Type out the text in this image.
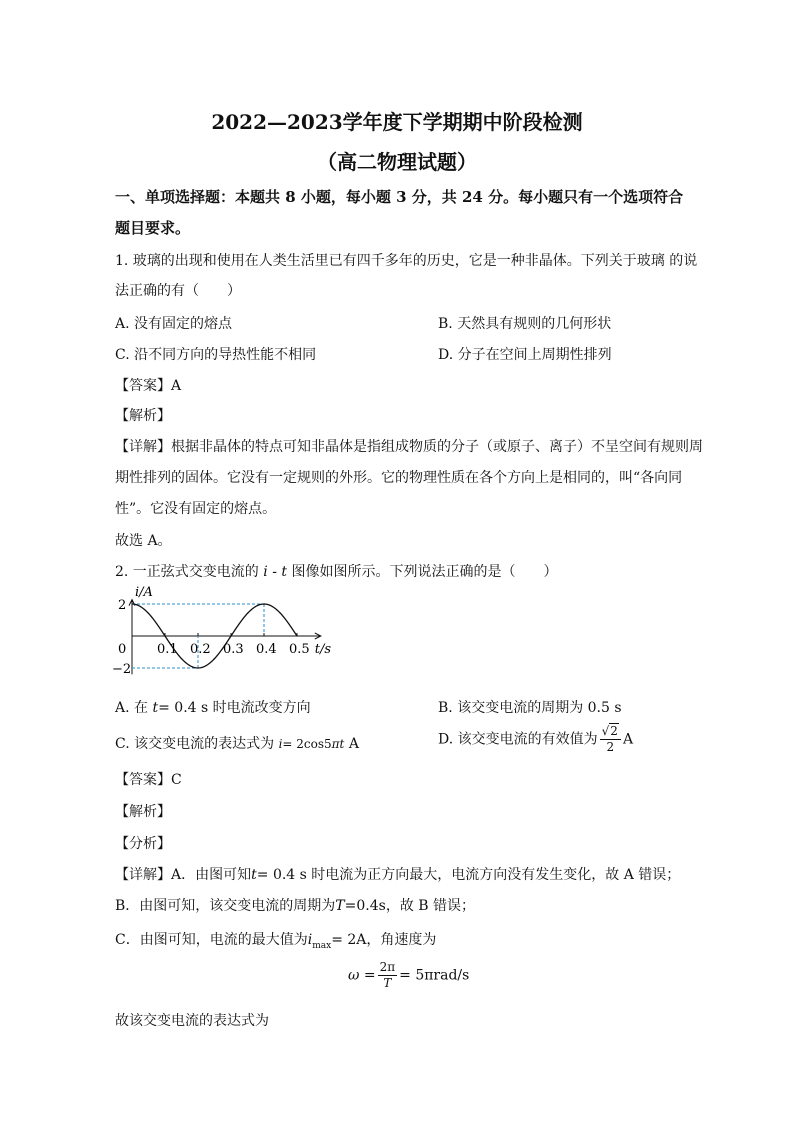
2022—2023学年度下学期期中阶段检测
（高二物理试题）
一、单项选择题：本题共 8 小题，每小题 3 分，共 24 分。每小题只有一个选项符合
题目要求。
1. 玻璃的出现和使用在人类生活里已有四千多年的历史，它是一种非晶体。下列关于玻璃 的说
法正确的有（　　）
A. 没有固定的熔点	B. 天然具有规则的几何形状
C. 沿不同方向的导热性能不相同	D. 分子在空间上周期性排列
【答案】A
【解析】
【详解】根据非晶体的特点可知非晶体是指组成物质的分子（或原子、离子）不呈空间有规则周
期性排列的固体。它没有一定规则的外形。它的物理性质在各个方向上是相同的，叫“各向同
性”。它没有固定的熔点。
故选 A。
2. 一正弦式交变电流的 i - t 图像如图所示。下列说法正确的是（　　）
i/A
t/s
0.1 0.2 0.3 0.4 0.5
2
−2
0
A. 在 t= 0.4 s 时电流改变方向	B. 该交变电流的周期为 0.5 s
C. 该交变电流的表达式为 i= 2cos5πt A	D. 该交变电流的有效值为 $\frac{√2}{2}$ A
【答案】C
【解析】
【分析】
【详解】A．由图可知t= 0.4 s 时电流为正方向最大，电流方向没有发生变化，故 A 错误；
B．由图可知，该交变电流的周期为T=0.4s，故 B 错误；
C．由图可知，电流的最大值为$i_{max}= 2A$，角速度为
$\omega = \frac{2\pi}{T} = 5\pi rad/s$
故该交变电流的表达式为
